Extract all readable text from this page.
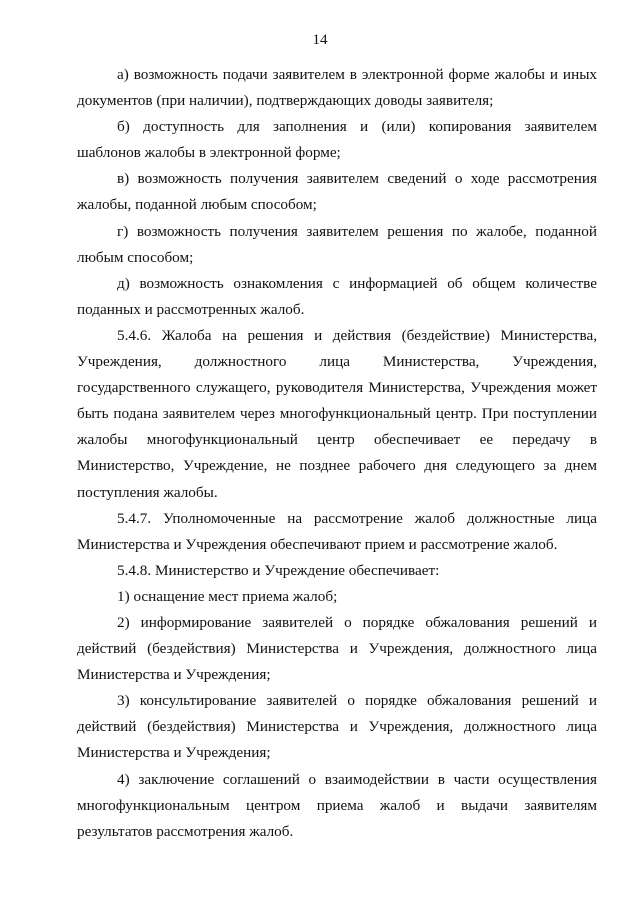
14

а) возможность подачи заявителем в электронной форме жалобы и иных документов (при наличии), подтверждающих доводы заявителя;

б) доступность для заполнения и (или) копирования заявителем шаблонов жалобы в электронной форме;

в) возможность получения заявителем сведений о ходе рассмотрения жалобы, поданной любым способом;

г) возможность получения заявителем решения по жалобе, поданной любым способом;

д) возможность ознакомления с информацией об общем количестве поданных и рассмотренных жалоб.

5.4.6. Жалоба на решения и действия (бездействие) Министерства, Учреждения, должностного лица Министерства, Учреждения, государственного служащего, руководителя Министерства, Учреждения может быть подана заявителем через многофункциональный центр. При поступлении жалобы многофункциональный центр обеспечивает ее передачу в Министерство, Учреждение, не позднее рабочего дня следующего за днем поступления жалобы.

5.4.7. Уполномоченные на рассмотрение жалоб должностные лица Министерства и Учреждения обеспечивают прием и рассмотрение жалоб.

5.4.8. Министерство и Учреждение обеспечивает:

1) оснащение мест приема жалоб;

2) информирование заявителей о порядке обжалования решений и действий (бездействия) Министерства и Учреждения, должностного лица Министерства и Учреждения;

3) консультирование заявителей о порядке обжалования решений и действий (бездействия) Министерства и Учреждения, должностного лица Министерства и Учреждения;

4) заключение соглашений о взаимодействии в части осуществления многофункциональным центром приема жалоб и выдачи заявителям результатов рассмотрения жалоб.
